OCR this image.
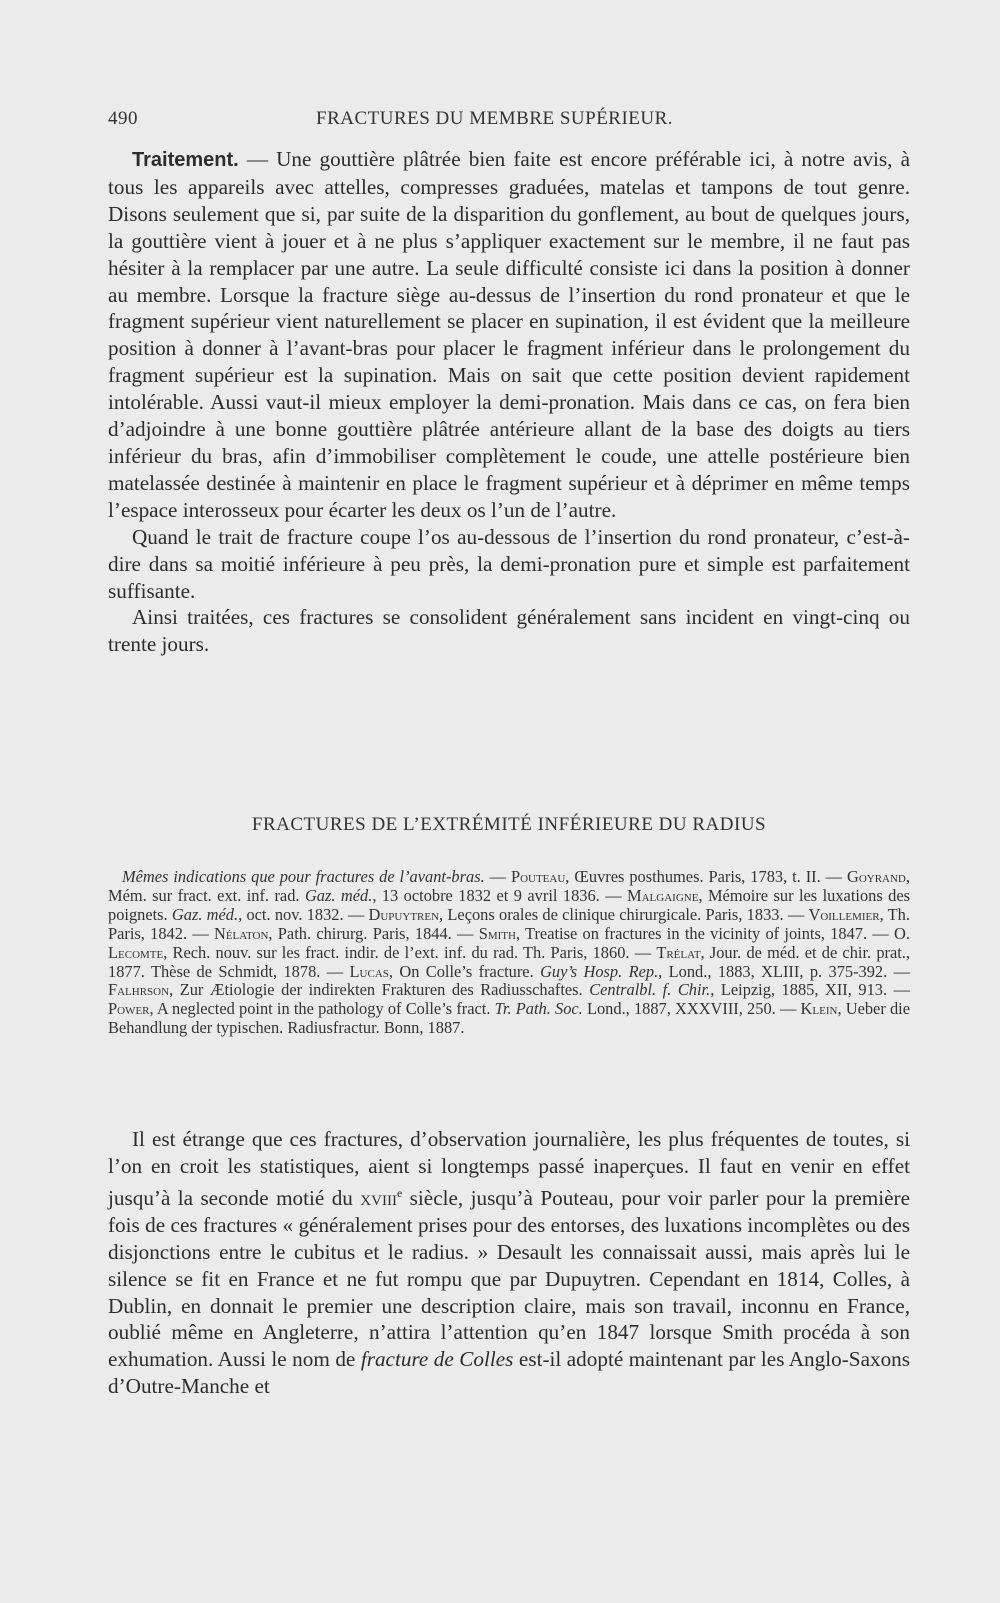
490	FRACTURES DU MEMBRE SUPÉRIEUR.

Traitement. — Une gouttière plâtrée bien faite est encore préférable ici, à notre avis, à tous les appareils avec attelles, compresses graduées, matelas et tampons de tout genre. Disons seulement que si, par suite de la disparition du gonflement, au bout de quelques jours, la gouttière vient à jouer et à ne plus s’appliquer exactement sur le membre, il ne faut pas hésiter à la remplacer par une autre. La seule difficulté consiste ici dans la position à donner au membre. Lorsque la fracture siège au-dessus de l’insertion du rond pronateur et que le fragment supérieur vient naturellement se placer en supination, il est évident que la meilleure position à donner à l’avant-bras pour placer le fragment inférieur dans le prolongement du fragment supérieur est la supination. Mais on sait que cette position devient rapidement intolérable. Aussi vaut-il mieux employer la demi-pronation. Mais dans ce cas, on fera bien d’adjoindre à une bonne gouttière plâtrée antérieure allant de la base des doigts au tiers inférieur du bras, afin d’immobiliser complètement le coude, une attelle postérieure bien matelassée destinée à maintenir en place le fragment supérieur et à déprimer en même temps l’espace interosseux pour écarter les deux os l’un de l’autre.

Quand le trait de fracture coupe l’os au-dessous de l’insertion du rond pronateur, c’est-à-dire dans sa moitié inférieure à peu près, la demi-pronation pure et simple est parfaitement suffisante.

Ainsi traitées, ces fractures se consolident généralement sans incident en vingt-cinq ou trente jours.

FRACTURES DE L’EXTRÉMITÉ INFÉRIEURE DU RADIUS

Mêmes indications que pour fractures de l’avant-bras. — Pouteau, Œuvres posthumes. Paris, 1783, t. II. — Goyrand, Mém. sur fract. ext. inf. rad. Gaz. méd., 13 octobre 1832 et 9 avril 1836. — Malgaigne, Mémoire sur les luxations des poignets. Gaz. méd., oct. nov. 1832. — Dupuytren, Leçons orales de clinique chirurgicale. Paris, 1833. — Voillemier, Th. Paris, 1842. — Nélaton, Path. chirurg. Paris, 1844. — Smith, Treatise on fractures in the vicinity of joints, 1847. — O. Lecomte, Rech. nouv. sur les fract. indir. de l’ext. inf. du rad. Th. Paris, 1860. — Trélat, Jour. de méd. et de chir. prat., 1877. Thèse de Schmidt, 1878. — Lucas, On Colle’s fracture. Guy’s Hosp. Rep., Lond., 1883, XLIII, p. 375-392. — Falhrson, Zur Ætiologie der indirekten Frakturen des Radiusschaftes. Centralbl. f. Chir., Leipzig, 1885, XII, 913. — Power, A neglected point in the pathology of Colle’s fract. Tr. Path. Soc. Lond., 1887, XXXVIII, 250. — Klein, Ueber die Behandlung der typischen. Radiusfractur. Bonn, 1887.

Il est étrange que ces fractures, d’observation journalière, les plus fréquentes de toutes, si l’on en croit les statistiques, aient si longtemps passé inaperçues. Il faut en venir en effet jusqu’à la seconde motié du xviii$^e$ siècle, jusqu’à Pouteau, pour voir parler pour la première fois de ces fractures « généralement prises pour des entorses, des luxations incomplètes ou des disjonctions entre le cubitus et le radius. » Desault les connaissait aussi, mais après lui le silence se fit en France et ne fut rompu que par Dupuytren. Cependant en 1814, Colles, à Dublin, en donnait le premier une description claire, mais son travail, inconnu en France, oublié même en Angleterre, n’attira l’attention qu’en 1847 lorsque Smith procéda à son exhumation. Aussi le nom de fracture de Colles est-il adopté maintenant par les Anglo-Saxons d’Outre-Manche et
